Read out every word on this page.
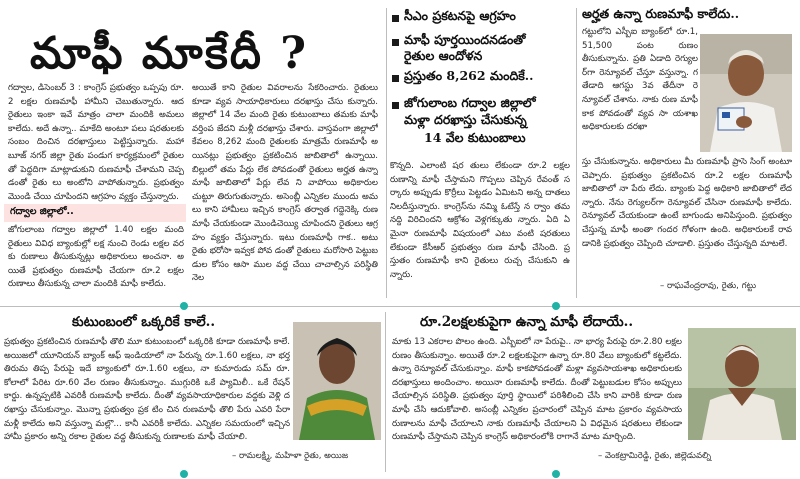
మాఫీ మాకేదీ ?
గద్వాల, డిసెంబర్ 3 : కాంగ్రెస్ ప్రభుత్వం ఒప్పపు రూ.2 లక్షల రుణమాఫీ హామీని చెబుతున్నారు. ఆద రైతులు ఇంకా ఇవే మాత్రం చాలా మందికి అమలు కాలేదు. అదే ఉన్నా.. మాకేది అంటూ పలు షరతులకు సంబం దించిన దరఖాస్తులు పెట్టిస్తున్నారు. మహా బూజ్ నగర్ జిల్లా రైతు పండుగ కార్యక్రమంలో రైతులతో పెద్దదిగా మాట్లాడుకుని రుణమాఫీ చేశామని చెప్పడంతో రైతు లు అంటోని వాపోతున్నారు. ప్రభుత్వం మొండి చేయి చూపిందని ఆగ్రహం వ్యక్తం చేస్తున్నారు.
గద్వాల జిల్లాలో..
జోగులాంబ గద్వాల జిల్లాలో 1.40 లక్షల మంది రైతులు వివిధ బ్యాంకుల్లో లక్ష నుంచి రెండు లక్షల వరకు రుణాలు తీసుకున్నట్లు అధికారులు అంచనా. అయితే ప్రభుత్వం రుణమాఫీ చేయగా రూ.2 లక్షల రుణాలు తీసుకున్న చాలా మందికి మాఫీ కాలేదు.
అయితే కాని రైతుల వివరాలను సేకరించారు. రైతులు కూడా వ్యవ సాయాధికారులు దరఖాస్తు చేసు కున్నారు. జిల్లాలో 14 వేల మంది రైతు కుటుంబాలు తమకు మాఫీ వర్తింప జేదని మళ్లీ దరఖాస్తు చేశారు. వాస్తవంగా జిల్లాలో కేవలం 8,262 మంది రైతులకు మాత్రమే రుణమాఫీ అయినట్లు ప్రభుత్వం ప్రకటించిన జాబితాలో ఉన్నాయి. బిల్లులో తమ పేర్లు లేక పోవడంతో రైతులు అర్హత ఉన్నా మాఫీ జాబితాలో పేర్లు లేవ ని వాపోయి అధికారుల చుట్టూ తిరుగుతున్నారు. అసెంబ్లీ ఎన్నికల ముందు అమలు కాని హామీలు ఇచ్చిన కాంగ్రెస్ తర్వాత గద్దెనెక్కి రుణమాఫీ చేయకుండా మొండిచెయ్యి చూపిందని రైతులు ఆగ్రహం వ్యక్తం చేస్తున్నారు. ఇటు రుణమాఫీ గాక.. అటు రైతు భరోసా ఇవ్వక పోవ డంతో రైతులు మరోసారి పెట్టుబడుల కోసం ఆసా ముల వద్ద చేయి చాచాల్సిన పరిస్థితి నెల
సీఎం ప్రకటనపై ఆగ్రహం
మాఫీ పూర్తయిందనడంతో
రైతుల ఆందోళన
ప్రస్తుతం 8,262 మందికే..
జోగులాంబ గద్వాల జిల్లాలో
మళ్లా దరఖాస్తు చేసుకున్న
14 వేల కుటుంబాలు
కొన్నది. ఎలాంటి షర తులు లేకుండా రూ.2 లక్షల రుణాన్ని మాఫీ చేస్తామని గొప్పలు చెప్పిన రేవంత్ సర్కారు అప్పుడు కొర్రీలు పెట్టడం ఏమిటని అన్న దాతలు నిలదీస్తున్నారు. కాంగ్రెస్‌ను నమ్మి ఓటేస్తే న ర్వాం తమ నద్ది విరిచిందని ఆక్రోశం వెళ్లగక్కుతు న్నారు. ఏది ఏమైనా రుణమాఫీ విషయంలో ఎటు వంటి షరతులు లేకుండా కేసీఆర్ ప్రభుత్వం రుణ మాఫీ చేసింది. ప్రస్తుతం రుణమాఫీ కాని రైతులు రుచ్చ చేసుకుని ఉన్నారు.
అర్హత ఉన్నా రుణమాఫీ కాలేదు..
గట్టులోని ఎస్బీఐ బ్యాంక్‌లో రూ.1,51,500 పంట రుణం తీసుకున్నాను. ప్రతి ఏడాది రెగ్యులర్‌గా రెన్యూవల్ చేస్తూ వస్తున్నా. గ తేడాది ఆగస్టు 3వ తేదీనా రె న్యూవల్ చేశాను. నాకు రుణ మాఫీ కాక పోవడంతో వ్యవ సా యశాఖ అధికారులకు దరఖా
స్తు చేసుకున్నాను. అధికారులు మీ రుణమాఫీ ప్రాసె సింగ్ అంటూ చెప్పారు. ప్రభుత్వం ప్రకటించిన రూ.2 లక్షల రుణమాఫీ జాబితాలో నా పేరు లేదు. బ్యాంకు పెద్ద అధికారి జాబితాలో లేదన్నారు. నేను రెగ్యులర్‌గా రెన్యూవల్ చేసినా రుణమాఫీ కాలేదు. రెన్యూవల్ చేయకుండా ఉంటే బాగుండు అనిపిస్తుంది. ప్రభుత్వం చేస్తున్న మాఫీ అంతా గందర గోళంగా ఉంది. అధికారులకే రావడానికి ప్రభుత్వం చెప్పింది చూడాలి. ప్రస్తుతం చేస్తున్నది మాటలే.
– రాఘవేంద్రరావు, రైతు, గట్టు
కుటుంబంలో ఒక్కరికే కాలే..
ప్రభుత్వం ప్రకటించిన రుణమాఫీ తొలి మూ కుటుంబంలో ఒక్కరికి కూడా రుణమాఫీ కాలే. అయిజలో యూనియన్ బ్యాంక్ ఆఫ్ ఇండియాలో నా పేరున్న రూ.1.60 లక్షలు, నా భర్త తిరుమ తిప్ప పేరుపై ఇదే బ్యాంకులో రూ.1.60 లక్షలు, నా కుమారుడు సమ్ రూ.కోలాలో పేరిట రూ.60 వేల రుణం తీసుకున్నాం. ముగ్గురికి ఒకే ప్యామిలీ.. ఒకే రేషన్ కార్డు. ఉన్నప్పటికి ఎవరికీ రుణమాఫీ కాలేదు. దీంతో వ్యవసాయాధికారుల వద్దకు వెళ్లి దరఖాస్తు చేసుకున్నాం. మొన్నా ప్రభుత్వం ప్రక టిం చిన రుణమాఫీ తొలి పేరు ఎవరి పేరా మళ్లీ కాలేదు అని వస్తున్నా మల్లొ... కానీ ఎవరికీ కాలేదు. ఎన్నికల సమయంలో ఇచ్చిన హామీ ప్రకారం అన్ని రకాల రైతుల వద్ద తీసుకున్న రుణాలకు మాఫీ చేయాలి.
– రామలక్ష్మి, మహిళా రైతు, అయిజ
రూ.2లక్షలకుపైగా ఉన్నా మాఫీ లేదాయే..
మాకు 13 ఎకరాల పొలం ఉంది. ఎస్బీఐలో నా పేరుపై.. నా భార్య పేరుపై రూ.2.80 లక్షల రుణం తీసుకున్నాం. అయితే రూ.2 లక్షలకుపైగా ఉన్నా రూ.80 వేలు బ్యాంకులో కట్టలేదు. ఉన్నా రెన్యూవల్ చేసుకున్నాం. మాఫీ కాకపోవడంతో మళ్లా వ్యవసాయశాఖ అధికారులకు దరఖాస్తులు అందించాం. అయినా రుణమాఫీ కాలేదు. దీంతో పెట్టుబడుల కోసం అప్పులు చేయాల్సిన పరిస్థితి. ప్రభుత్వం పూర్తి స్థాయిలో పరిశీలించి చేసి కాని వారికి కూడా రుణమాఫీ చేసి ఆదుకోవాలి. అసంబ్లీ ఎన్నికల ప్రచారంలో చెప్పిన మాట ప్రకారం వ్యవసాయ రుణాలను మాఫీ చేయాలని నాకు రుణమాఫీ చేయాలని ఏ విధమైన షరతులు లేకుండా రుణమాఫీ చేస్తామని చెప్పిన కాంగ్రెస్ అధికారంలోకి రాగానే మాట మార్చింది.
– వెంకట్రామిరెడ్డి, రైతు, జిల్లెడువల్ని
